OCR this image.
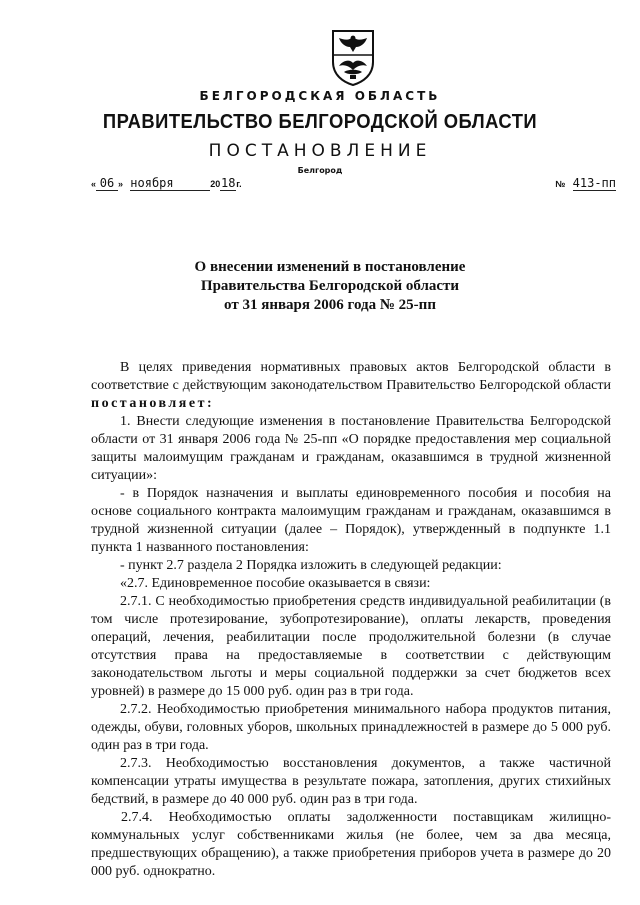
БЕЛГОРОДСКАЯ ОБЛАСТЬ
ПРАВИТЕЛЬСТВО БЕЛГОРОДСКОЙ ОБЛАСТИ
ПОСТАНОВЛЕНИЕ
Белгород
« 06 » ноября	2018г.	№ 413-пп
О внесении изменений в постановление
Правительства Белгородской области
от 31 января 2006 года № 25-пп

В целях приведения нормативных правовых актов Белгородской области в соответствие с действующим законодательством Правительство Белгородской области постановляет:

1. Внести следующие изменения в постановление Правительства Белгородской области от 31 января 2006 года № 25-пп «О порядке предоставления мер социальной защиты малоимущим гражданам и гражданам, оказавшимся в трудной жизненной ситуации»:

- в Порядок назначения и выплаты единовременного пособия и пособия на основе социального контракта малоимущим гражданам и гражданам, оказавшимся в трудной жизненной ситуации (далее – Порядок), утвержденный в подпункте 1.1 пункта 1 названного постановления:

- пункт 2.7 раздела 2 Порядка изложить в следующей редакции:

«2.7. Единовременное пособие оказывается в связи:

2.7.1. С необходимостью приобретения средств индивидуальной реабилитации (в том числе протезирование, зубопротезирование), оплаты лекарств, проведения операций, лечения, реабилитации после продолжительной болезни (в случае отсутствия права на предоставляемые в соответствии с действующим законодательством льготы и меры социальной поддержки за счет бюджетов всех уровней) в размере до 15 000 руб. один раз в три года.

2.7.2. Необходимостью приобретения минимального набора продуктов питания, одежды, обуви, головных уборов, школьных принадлежностей в размере до 5 000 руб. один раз в три года.

2.7.3. Необходимостью восстановления документов, а также частичной компенсации утраты имущества в результате пожара, затопления, других стихийных бедствий, в размере до 40 000 руб. один раз в три года.

2.7.4. Необходимостью оплаты задолженности поставщикам жилищно-коммунальных услуг собственниками жилья (не более, чем за два месяца, предшествующих обращению), а также приобретения приборов учета в размере до 20 000 руб. однократно.
